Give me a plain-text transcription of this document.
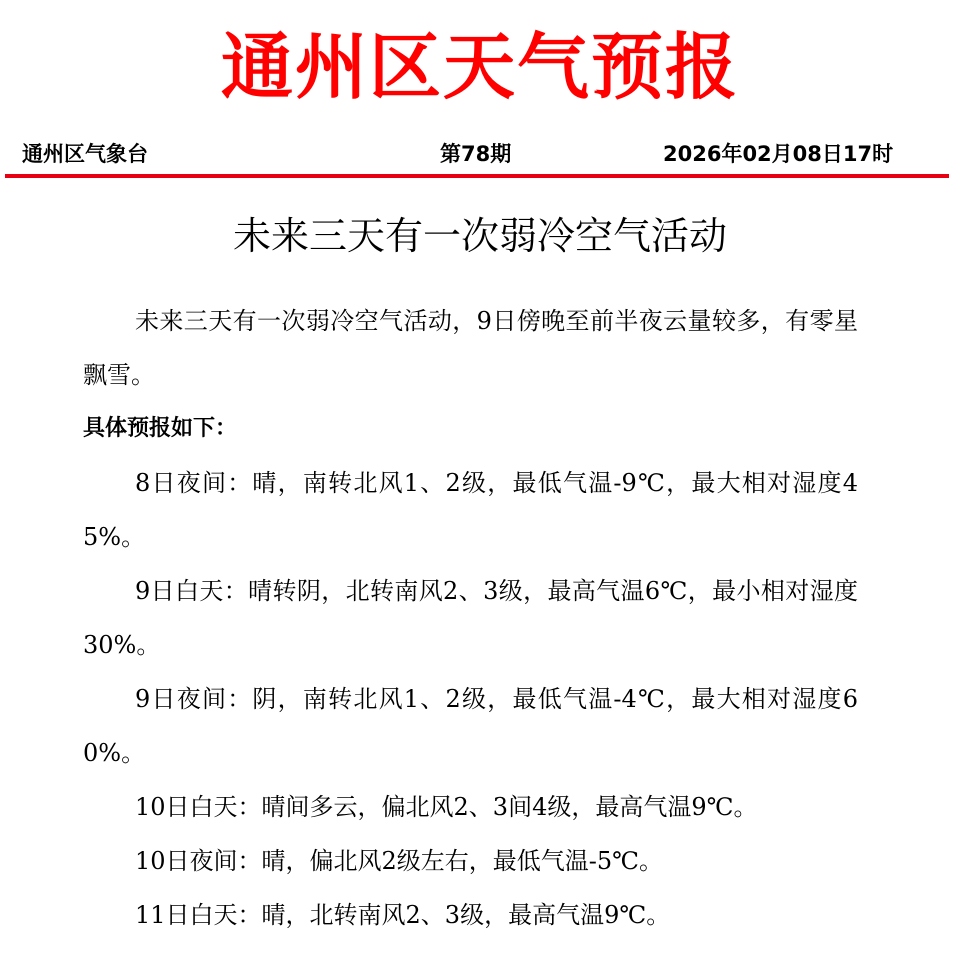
通州区天气预报
通州区气象台	第78期	2026年02月08日17时
未来三天有一次弱冷空气活动

未来三天有一次弱冷空气活动，9日傍晚至前半夜云量较多，有零星飘雪。

具体预报如下：

8日夜间：晴，南转北风1、2级，最低气温-9℃，最大相对湿度45%。

9日白天：晴转阴，北转南风2、3级，最高气温6℃，最小相对湿度30%。

9日夜间：阴，南转北风1、2级，最低气温-4℃，最大相对湿度60%。

10日白天：晴间多云，偏北风2、3间4级，最高气温9℃。

10日夜间：晴，偏北风2级左右，最低气温-5℃。

11日白天：晴，北转南风2、3级，最高气温9℃。
